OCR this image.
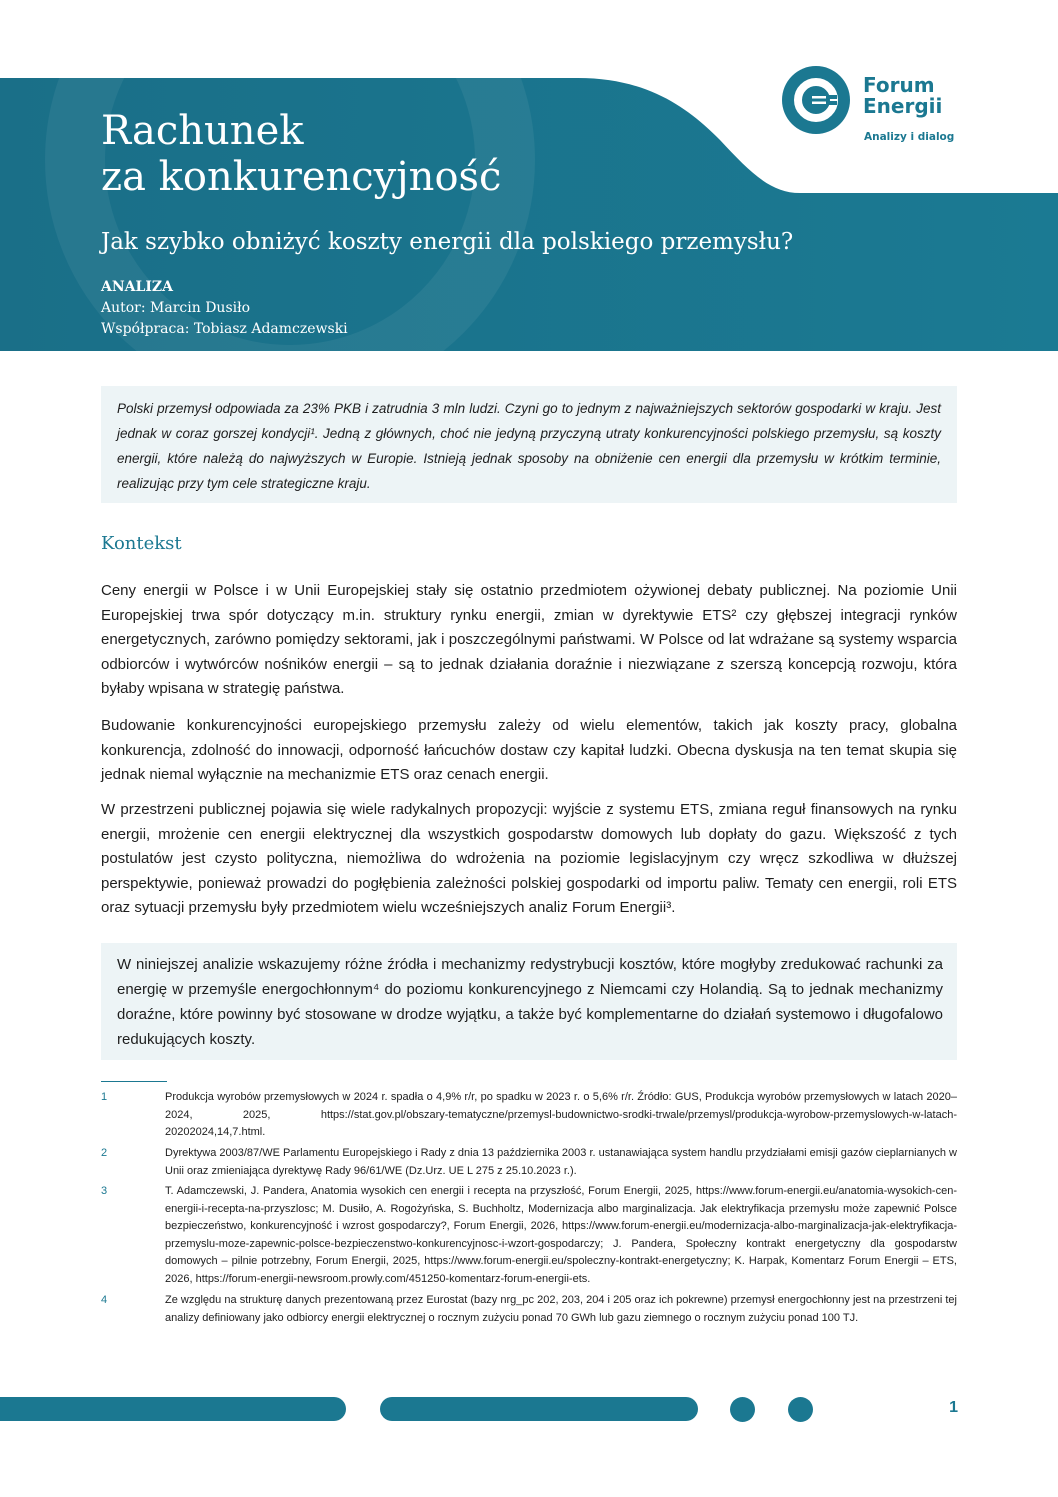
Forum
Energii
Analizy i dialog
Rachunek
za konkurencyjność
Jak szybko obniżyć koszty energii dla polskiego przemysłu?
ANALIZA
Autor: Marcin Dusiło
Współpraca: Tobiasz Adamczewski
Polski przemysł odpowiada za 23% PKB i zatrudnia 3 mln ludzi. Czyni go to jednym z najważniejszych sektorów gospodarki w kraju. Jest jednak w coraz gorszej kondycji¹. Jedną z głównych, choć nie jedyną przyczyną utraty konkurencyjności polskiego przemysłu, są koszty energii, które należą do najwyższych w Europie. Istnieją jednak sposoby na obniżenie cen energii dla przemysłu w krótkim terminie, realizując przy tym cele strategiczne kraju.
Kontekst

Ceny energii w Polsce i w Unii Europejskiej stały się ostatnio przedmiotem ożywionej debaty publicznej. Na poziomie Unii Europejskiej trwa spór dotyczący m.in. struktury rynku energii, zmian w dyrektywie ETS² czy głębszej integracji rynków energetycznych, zarówno pomiędzy sektorami, jak i poszczególnymi państwami. W Polsce od lat wdrażane są systemy wsparcia odbiorców i wytwórców nośników energii – są to jednak działania doraźnie i niezwiązane z szerszą koncepcją rozwoju, która byłaby wpisana w strategię państwa.

Budowanie konkurencyjności europejskiego przemysłu zależy od wielu elementów, takich jak koszty pracy, globalna konkurencja, zdolność do innowacji, odporność łańcuchów dostaw czy kapitał ludzki. Obecna dyskusja na ten temat skupia się jednak niemal wyłącznie na mechanizmie ETS oraz cenach energii.

W przestrzeni publicznej pojawia się wiele radykalnych propozycji: wyjście z systemu ETS, zmiana reguł finansowych na rynku energii, mrożenie cen energii elektrycznej dla wszystkich gospodarstw domowych lub dopłaty do gazu. Większość z tych postulatów jest czysto polityczna, niemożliwa do wdrożenia na poziomie legislacyjnym czy wręcz szkodliwa w dłuższej perspektywie, ponieważ prowadzi do pogłębienia zależności polskiej gospodarki od importu paliw. Tematy cen energii, roli ETS oraz sytuacji przemysłu były przedmiotem wielu wcześniejszych analiz Forum Energii³.

W niniejszej analizie wskazujemy różne źródła i mechanizmy redystrybucji kosztów, które mogłyby zredukować rachunki za energię w przemyśle energochłonnym⁴ do poziomu konkurencyjnego z Niemcami czy Holandią. Są to jednak mechanizmy doraźne, które powinny być stosowane w drodze wyjątku, a także być komplementarne do działań systemowo i długofalowo redukujących koszty.
1	Produkcja wyrobów przemysłowych w 2024 r. spadła o 4,9% r/r, po spadku w 2023 r. o 5,6% r/r. Źródło: GUS, Produkcja wyrobów przemysłowych w latach 2020–2024, 2025, https://stat.gov.pl/obszary-tematyczne/przemysl-budownictwo-srodki-trwale/przemysl/produkcja-wyrobow-przemyslowych-w-latach-20202024,14,7.html.
2	Dyrektywa 2003/87/WE Parlamentu Europejskiego i Rady z dnia 13 października 2003 r. ustanawiająca system handlu przydziałami emisji gazów cieplarnianych w Unii oraz zmieniająca dyrektywę Rady 96/61/WE (Dz.Urz. UE L 275 z 25.10.2023 r.).
3	T. Adamczewski, J. Pandera, Anatomia wysokich cen energii i recepta na przyszłość, Forum Energii, 2025, https://www.forum-energii.eu/anatomia-wysokich-cen-energii-i-recepta-na-przyszlosc; M. Dusiło, A. Rogożyńska, S. Buchholtz, Modernizacja albo marginalizacja. Jak elektryfikacja przemysłu może zapewnić Polsce bezpieczeństwo, konkurencyjność i wzrost gospodarczy?, Forum Energii, 2026, https://www.forum-energii.eu/modernizacja-albo-marginalizacja-jak-elektryfikacja-przemyslu-moze-zapewnic-polsce-bezpieczenstwo-konkurencyjnosc-i-wzort-gospodarczy; J. Pandera, Społeczny kontrakt energetyczny dla gospodarstw domowych – pilnie potrzebny, Forum Energii, 2025, https://www.forum-energii.eu/spoleczny-kontrakt-energetyczny; K. Harpak, Komentarz Forum Energii – ETS, 2026, https://forum-energii-newsroom.prowly.com/451250-komentarz-forum-energii-ets.
4	Ze względu na strukturę danych prezentowaną przez Eurostat (bazy nrg_pc 202, 203, 204 i 205 oraz ich pokrewne) przemysł energochłonny jest na przestrzeni tej analizy definiowany jako odbiorcy energii elektrycznej o rocznym zużyciu ponad 70 GWh lub gazu ziemnego o rocznym zużyciu ponad 100 TJ.
1
